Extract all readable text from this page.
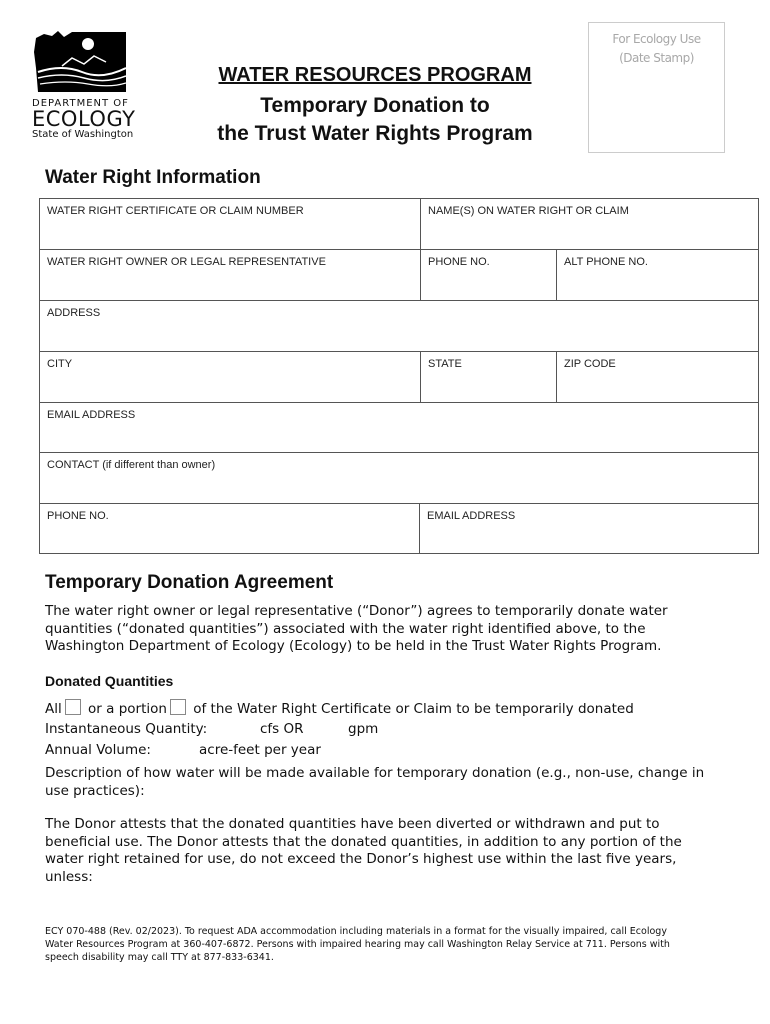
DEPARTMENT OF
ECOLOGY
State of Washington
WATER RESOURCES PROGRAM
Temporary Donation to
the Trust Water Rights Program
For Ecology Use
(Date Stamp)
Water Right Information
WATER RIGHT CERTIFICATE OR CLAIM NUMBER	NAME(S) ON WATER RIGHT OR CLAIM
WATER RIGHT OWNER OR LEGAL REPRESENTATIVE	PHONE NO.	ALT PHONE NO.
ADDRESS
CITY	STATE	ZIP CODE
EMAIL ADDRESS
CONTACT (if different than owner)
PHONE NO.	EMAIL ADDRESS
Temporary Donation Agreement
The water right owner or legal representative (“Donor”) agrees to temporarily donate water
quantities (“donated quantities”) associated with the water right identified above, to the
Washington Department of Ecology (Ecology) to be held in the Trust Water Rights Program.
Donated Quantities
All or a portion of the Water Right Certificate or Claim to be temporarily donated
Instantaneous Quantity:	cfs OR	gpm
Annual Volume:	acre-feet per year
Description of how water will be made available for temporary donation (e.g., non-use, change in
use practices):
The Donor attests that the donated quantities have been diverted or withdrawn and put to
beneficial use. The Donor attests that the donated quantities, in addition to any portion of the
water right retained for use, do not exceed the Donor’s highest use within the last five years,
unless:
ECY 070-488 (Rev. 02/2023). To request ADA accommodation including materials in a format for the visually impaired, call Ecology
Water Resources Program at 360-407-6872. Persons with impaired hearing may call Washington Relay Service at 711. Persons with
speech disability may call TTY at 877-833-6341.
